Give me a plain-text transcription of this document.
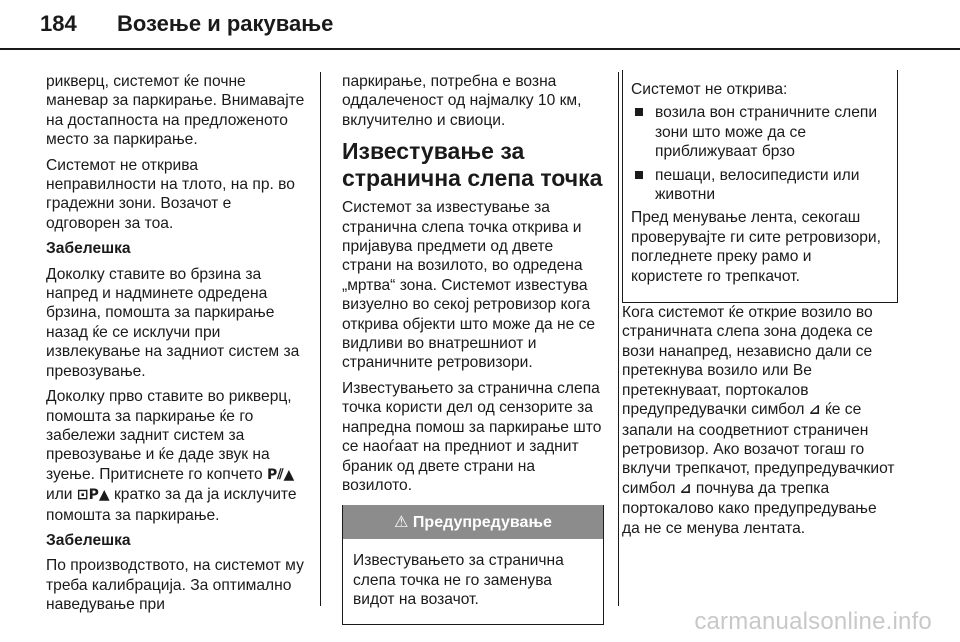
184 Возење и ракување

рикверц, системот ќе почне маневар за паркирање. Внимавајте на достапноста на предложеното место за паркирање.

Системот не открива неправилности на тлото, на пр. во градежни зони. Возачот е одговорен за тоа.

Забелешка

Доколку ставите во брзина за напред и надминете одредена брзина, помошта за паркирање назад ќе се исклучи при извлекување на задниот систем за превозување.

Доколку прво ставите во рикверц, помошта за паркирање ќе го забележи заднит систем за превозување и ќе даде звук на зуење. Притиснете го копчето P⫽▲ или ⊡P▲ кратко за да ја исклучите помошта за паркирање.

Забелешка

По производството, на системот му треба калибрација. За оптимално наведување при

паркирање, потребна е возна оддалеченост од најмалку 10 км, вклучително и свиоци.

Известување за странична слепа точка

Системот за известување за странична слепа точка открива и пријавува предмети од двете страни на возилото, во одредена „мртва“ зона. Системот известува визуелно во секој ретровизор кога открива објекти што може да не се видливи во внатрешниот и страничните ретровизори.

Известувањето за странична слепа точка користи дел од сензорите за напредна помош за паркирање што се наоѓаат на предниот и заднит браник од двете страни на возилото.

⚠ Предупредување

Известувањето за странична слепа точка не го заменува видот на возачот.

Системот не открива:

возила вон страничните слепи зони што може да се приближуваат брзо
пешаци, велосипедисти или животни

Пред менување лента, секогаш проверувајте ги сите ретровизори, погледнете преку рамо и користете го трепкачот.

Кога системот ќе открие возило во страничната слепа зона додека се вози нанапред, независно дали се претекнува возило или Ве претекнуваат, портокалов предупредувачки симбол ⊿ ќе се запали на соодветниот страничен ретровизор. Ако возачот тогаш го вклучи трепкачот, предупредувачкиот симбол ⊿ почнува да трепка портокалово како предупредување да не се менува лентата.

carmanualsonline.info
